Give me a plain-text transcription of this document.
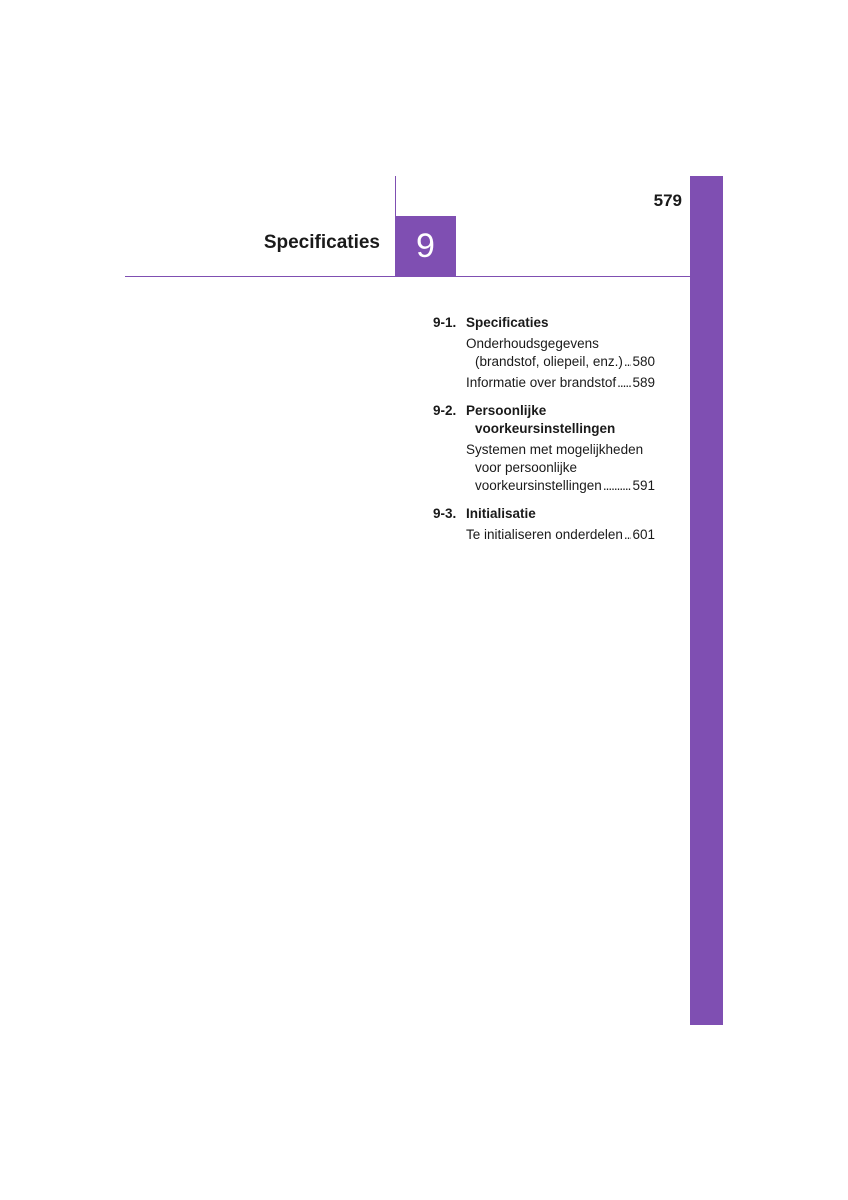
579
Specificaties	9
9-1. Specificaties
Onderhoudsgegevens
(brandstof, oliepeil, enz.) ..... 580
Informatie over brandstof ..... 589
9-2. Persoonlijke
voorkeursinstellingen
Systemen met mogelijkheden
voor persoonlijke
voorkeursinstellingen ..... 591
9-3. Initialisatie
Te initialiseren onderdelen ..... 601
